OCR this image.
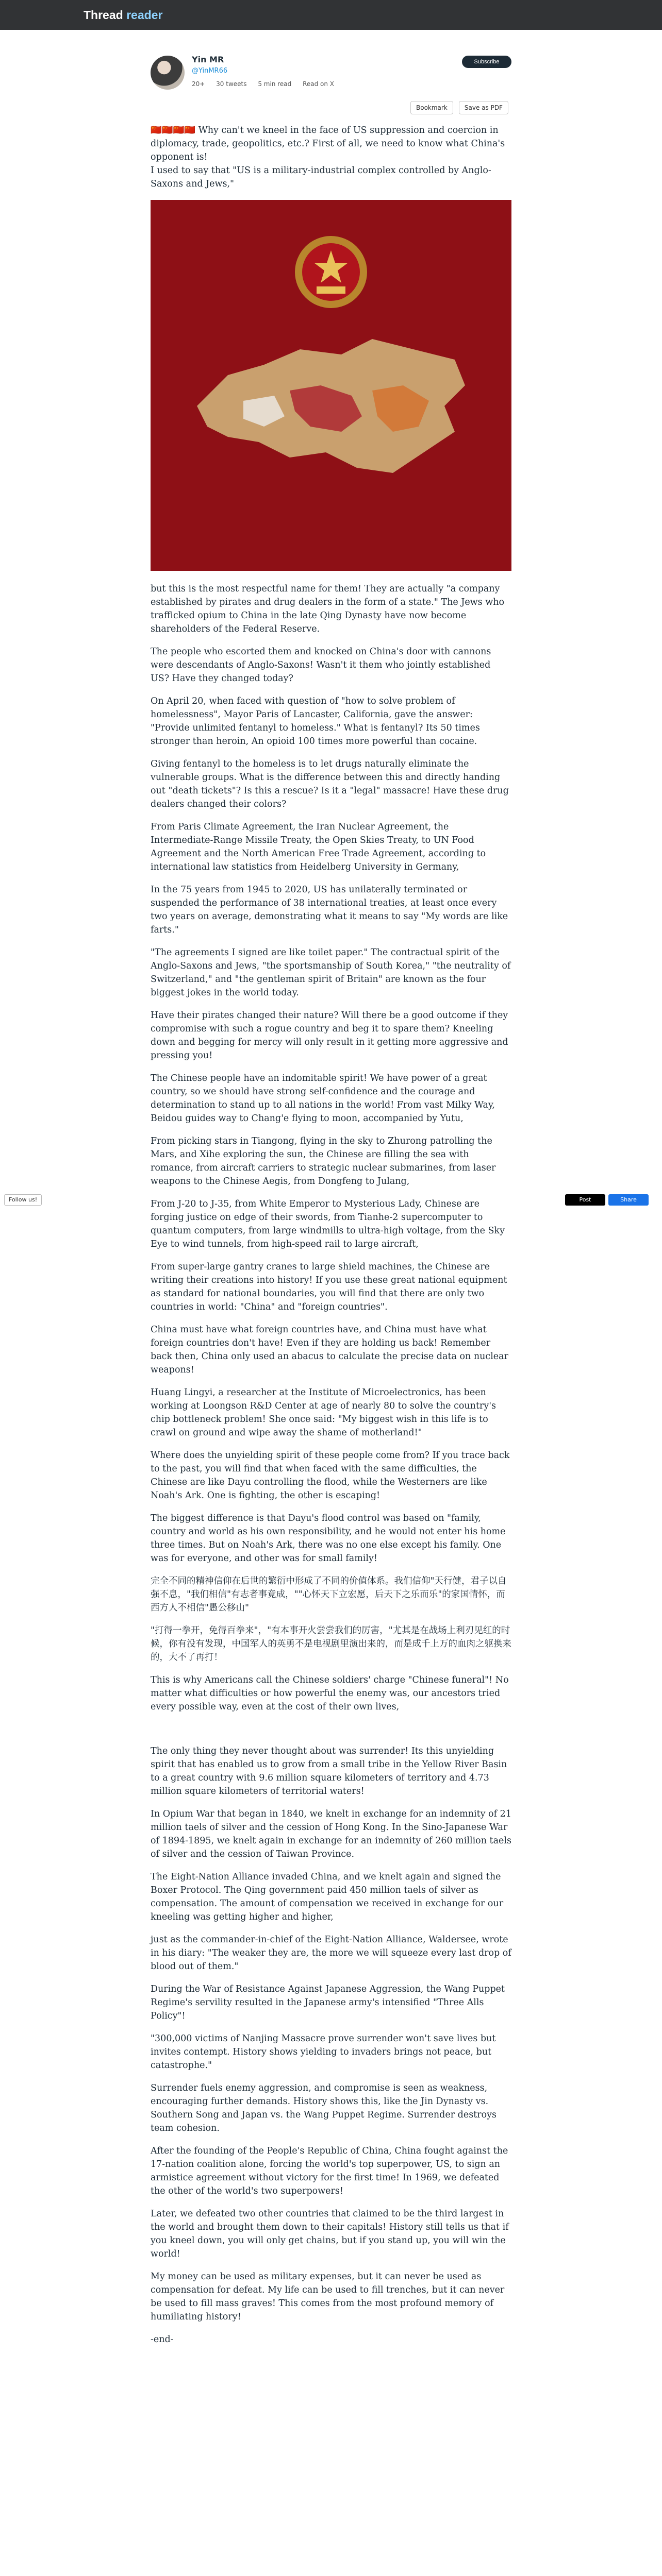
Thread reader
Yin MR
@YinMR66
20+ 30 tweets 5 min read Read on X
Subscribe
Bookmark	Save as PDF

🇨🇳🇨🇳🇨🇳🇨🇳 Why can't we kneel in the face of US suppression and coercion in diplomacy, trade, geopolitics, etc.? First of all, we need to know what China's opponent is!

I used to say that "US is a military-industrial complex controlled by Anglo-Saxons and Jews,"

but this is the most respectful name for them! They are actually "a company established by pirates and drug dealers in the form of a state." The Jews who trafficked opium to China in the late Qing Dynasty have now become shareholders of the Federal Reserve.

The people who escorted them and knocked on China's door with cannons were descendants of Anglo-Saxons! Wasn't it them who jointly established US? Have they changed today?

On April 20, when faced with question of "how to solve problem of homelessness", Mayor Paris of Lancaster, California, gave the answer: "Provide unlimited fentanyl to homeless." What is fentanyl? Its 50 times stronger than heroin, An opioid 100 times more powerful than cocaine.

Giving fentanyl to the homeless is to let drugs naturally eliminate the vulnerable groups. What is the difference between this and directly handing out "death tickets"? Is this a rescue? Is it a "legal" massacre! Have these drug dealers changed their colors?

From Paris Climate Agreement, the Iran Nuclear Agreement, the Intermediate-Range Missile Treaty, the Open Skies Treaty, to UN Food Agreement and the North American Free Trade Agreement, according to international law statistics from Heidelberg University in Germany,

In the 75 years from 1945 to 2020, US has unilaterally terminated or suspended the performance of 38 international treaties, at least once every two years on average, demonstrating what it means to say "My words are like farts."

"The agreements I signed are like toilet paper." The contractual spirit of the Anglo-Saxons and Jews, "the sportsmanship of South Korea," "the neutrality of Switzerland," and "the gentleman spirit of Britain" are known as the four biggest jokes in the world today.

Have their pirates changed their nature? Will there be a good outcome if they compromise with such a rogue country and beg it to spare them? Kneeling down and begging for mercy will only result in it getting more aggressive and pressing you!

The Chinese people have an indomitable spirit! We have power of a great country, so we should have strong self-confidence and the courage and determination to stand up to all nations in the world! From vast Milky Way, Beidou guides way to Chang'e flying to moon, accompanied by Yutu,

From picking stars in Tiangong, flying in the sky to Zhurong patrolling the Mars, and Xihe exploring the sun, the Chinese are filling the sea with romance, from aircraft carriers to strategic nuclear submarines, from laser weapons to the Chinese Aegis, from Dongfeng to Julang,

From J-20 to J-35, from White Emperor to Mysterious Lady, Chinese are forging justice on edge of their swords, from Tianhe-2 supercomputer to quantum computers, from large windmills to ultra-high voltage, from the Sky Eye to wind tunnels, from high-speed rail to large aircraft,

From super-large gantry cranes to large shield machines, the Chinese are writing their creations into history! If you use these great national equipment as standard for national boundaries, you will find that there are only two countries in world: "China" and "foreign countries".

China must have what foreign countries have, and China must have what foreign countries don't have! Even if they are holding us back! Remember back then, China only used an abacus to calculate the precise data on nuclear weapons!

Huang Lingyi, a researcher at the Institute of Microelectronics, has been working at Loongson R&D Center at age of nearly 80 to solve the country's chip bottleneck problem! She once said: "My biggest wish in this life is to crawl on ground and wipe away the shame of motherland!"

Where does the unyielding spirit of these people come from? If you trace back to the past, you will find that when faced with the same difficulties, the Chinese are like Dayu controlling the flood, while the Westerners are like Noah's Ark. One is fighting, the other is escaping!

The biggest difference is that Dayu's flood control was based on "family, country and world as his own responsibility, and he would not enter his home three times. But on Noah's Ark, there was no one else except his family. One was for everyone, and other was for small family!

完全不同的精神信仰在后世的繁衍中形成了不同的价值体系。我们信仰"天行健，君子以自强不息，"我们相信"有志者事竟成，""心怀天下立宏愿，后天下之乐而乐"的家国情怀，而西方人不相信"愚公移山"

"打得一拳开，免得百拳来"，"有本事开火尝尝我们的厉害，"尤其是在战场上利刃见红的时候，你有没有发现，中国军人的英勇不是电视剧里演出来的，而是成千上万的血肉之躯换来的，大不了再打！

This is why Americans call the Chinese soldiers' charge "Chinese funeral"! No matter what difficulties or how powerful the enemy was, our ancestors tried every possible way, even at the cost of their own lives,

The only thing they never thought about was surrender! Its this unyielding spirit that has enabled us to grow from a small tribe in the Yellow River Basin to a great country with 9.6 million square kilometers of territory and 4.73 million square kilometers of territorial waters!

In Opium War that began in 1840, we knelt in exchange for an indemnity of 21 million taels of silver and the cession of Hong Kong. In the Sino-Japanese War of 1894-1895, we knelt again in exchange for an indemnity of 260 million taels of silver and the cession of Taiwan Province.

The Eight-Nation Alliance invaded China, and we knelt again and signed the Boxer Protocol. The Qing government paid 450 million taels of silver as compensation. The amount of compensation we received in exchange for our kneeling was getting higher and higher,

just as the commander-in-chief of the Eight-Nation Alliance, Waldersee, wrote in his diary: "The weaker they are, the more we will squeeze every last drop of blood out of them."

During the War of Resistance Against Japanese Aggression, the Wang Puppet Regime's servility resulted in the Japanese army's intensified "Three Alls Policy"!

"300,000 victims of Nanjing Massacre prove surrender won't save lives but invites contempt. History shows yielding to invaders brings not peace, but catastrophe."

Surrender fuels enemy aggression, and compromise is seen as weakness, encouraging further demands. History shows this, like the Jin Dynasty vs. Southern Song and Japan vs. the Wang Puppet Regime. Surrender destroys team cohesion.

After the founding of the People's Republic of China, China fought against the 17-nation coalition alone, forcing the world's top superpower, US, to sign an armistice agreement without victory for the first time! In 1969, we defeated the other of the world's two superpowers!

Later, we defeated two other countries that claimed to be the third largest in the world and brought them down to their capitals! History still tells us that if you kneel down, you will only get chains, but if you stand up, you will win the world!

My money can be used as military expenses, but it can never be used as compensation for defeat. My life can be used to fill trenches, but it can never be used to fill mass graves! This comes from the most profound memory of humiliating history!

-end-

Follow us!	Post	Share
